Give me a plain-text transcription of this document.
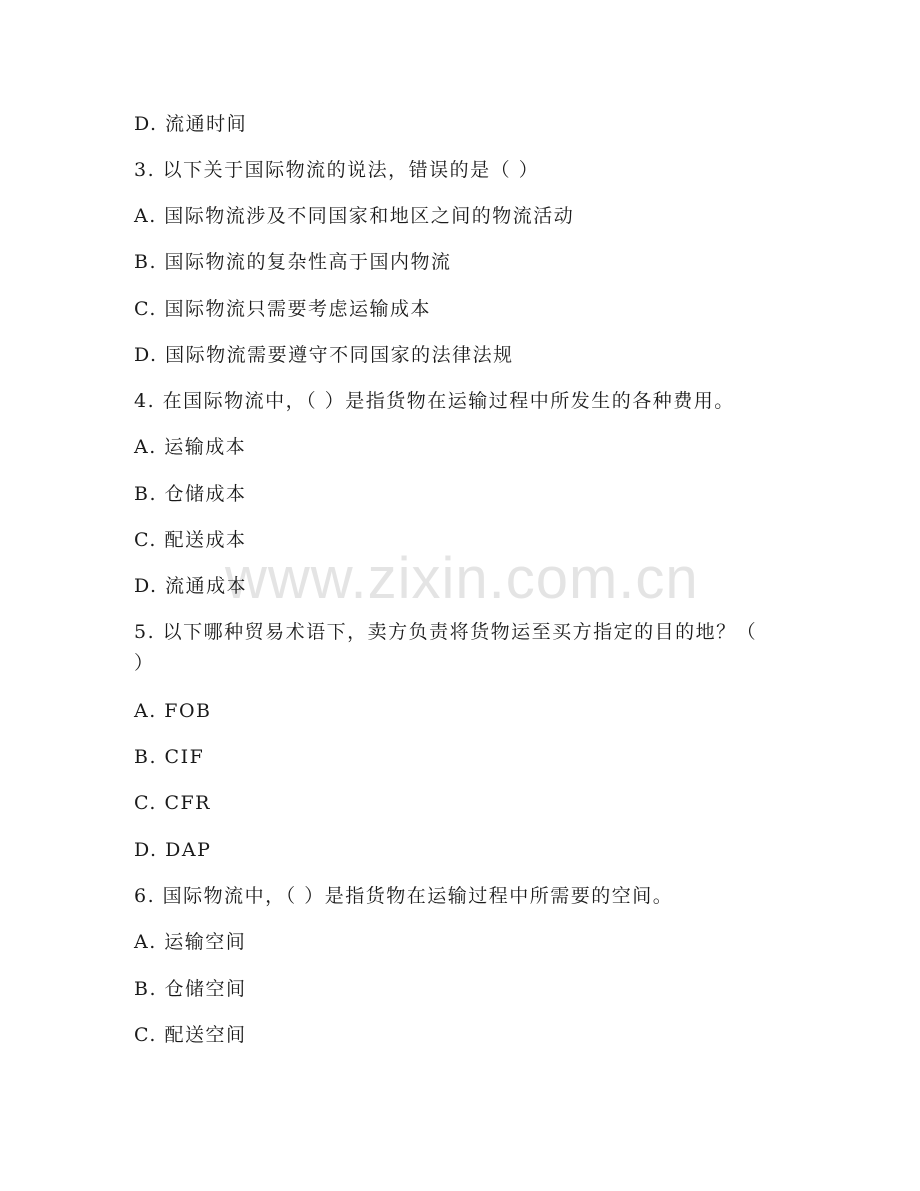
www.zixin.com.cn
D. 流通时间
3. 以下关于国际物流的说法，错误的是（ ）
A. 国际物流涉及不同国家和地区之间的物流活动
B. 国际物流的复杂性高于国内物流
C. 国际物流只需要考虑运输成本
D. 国际物流需要遵守不同国家的法律法规
4. 在国际物流中，（ ）是指货物在运输过程中所发生的各种费用。
A. 运输成本
B. 仓储成本
C. 配送成本
D. 流通成本
5. 以下哪种贸易术语下，卖方负责将货物运至买方指定的目的地？（
）
A. FOB
B. CIF
C. CFR
D. DAP
6. 国际物流中，（ ）是指货物在运输过程中所需要的空间。
A. 运输空间
B. 仓储空间
C. 配送空间
